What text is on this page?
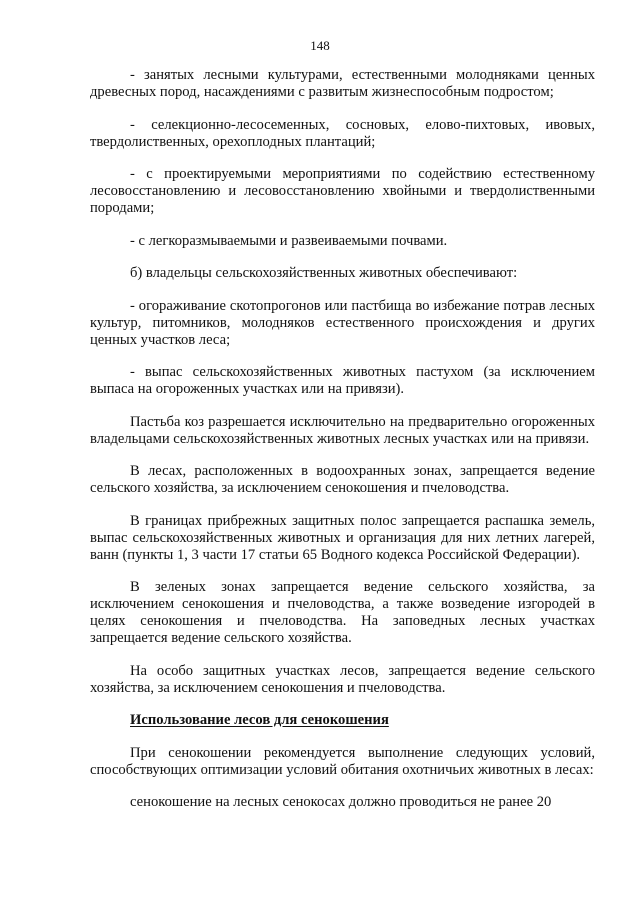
148

- занятых лесными культурами, естественными молодняками ценных древесных пород, насаждениями с развитым жизнеспособным подростом;

- селекционно-лесосеменных, сосновых, елово-пихтовых, ивовых, твердолиственных, орехоплодных плантаций;

- с проектируемыми мероприятиями по содействию естественному лесовосстановлению и лесовосстановлению хвойными и твердолиственными породами;

- с легкоразмываемыми и развеиваемыми почвами.

б) владельцы сельскохозяйственных животных обеспечивают:

- огораживание скотопрогонов или пастбища во избежание потрав лесных культур, питомников, молодняков естественного происхождения и других ценных участков леса;

- выпас сельскохозяйственных животных пастухом (за исключением выпаса на огороженных участках или на привязи).

Пастьба коз разрешается исключительно на предварительно огороженных владельцами сельскохозяйственных животных лесных участках или на привязи.

В лесах, расположенных в водоохранных зонах, запрещается ведение сельского хозяйства, за исключением сенокошения и пчеловодства.

В границах прибрежных защитных полос запрещается распашка земель, выпас сельскохозяйственных животных и организация для них летних лагерей, ванн (пункты 1, 3 части 17 статьи 65 Водного кодекса Российской Федерации).

В зеленых зонах запрещается ведение сельского хозяйства, за исключением сенокошения и пчеловодства, а также возведение изгородей в целях сенокошения и пчеловодства. На заповедных лесных участках запрещается ведение сельского хозяйства.

На особо защитных участках лесов, запрещается ведение сельского хозяйства, за исключением сенокошения и пчеловодства.

Использование лесов для сенокошения

При сенокошении рекомендуется выполнение следующих условий, способствующих оптимизации условий обитания охотничьих животных в лесах:

сенокошение на лесных сенокосах должно проводиться не ранее 20
